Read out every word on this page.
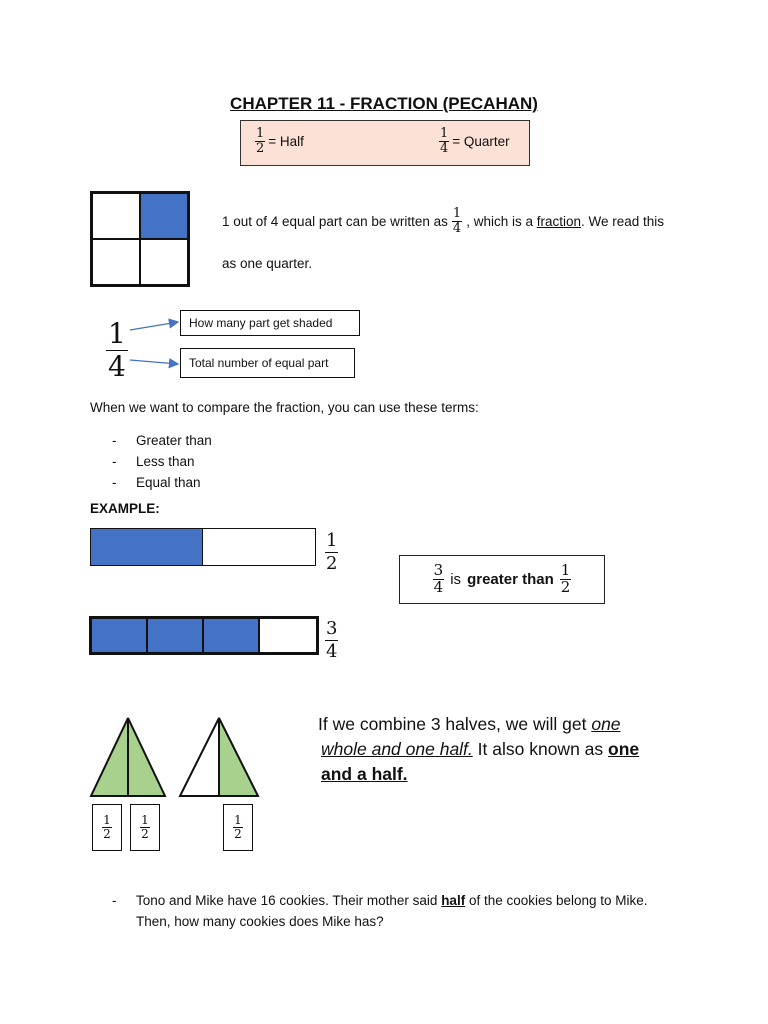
CHAPTER 11 - FRACTION (PECAHAN)
$\frac{1}{2}$ = Half	$\frac{1}{4}$ = Quarter
1 out of 4 equal part can be written as $\frac{1}{4}$ , which is a
fraction . We read this
as one quarter.
$\frac{1}{4}$	How many part get shaded
Total number of equal part
When we want to compare the fraction, you can use these terms:
-	Greater than
-	Less than
-	Equal than
EXAMPLE:
$\frac{1}{2}$
$\frac{3}{4}$
$\frac{3}{4}$ is greater than $\frac{1}{2}$
$\frac{1}{2} \frac{1}{2}$	$\frac{1}{2}$
If we combine 3 halves, we will get one
whole and one half. It also known as one
and a half.
-	Tono and Mike have 16 cookies. Their mother said half of the cookies belong to Mike.
Then, how many cookies does Mike has?
